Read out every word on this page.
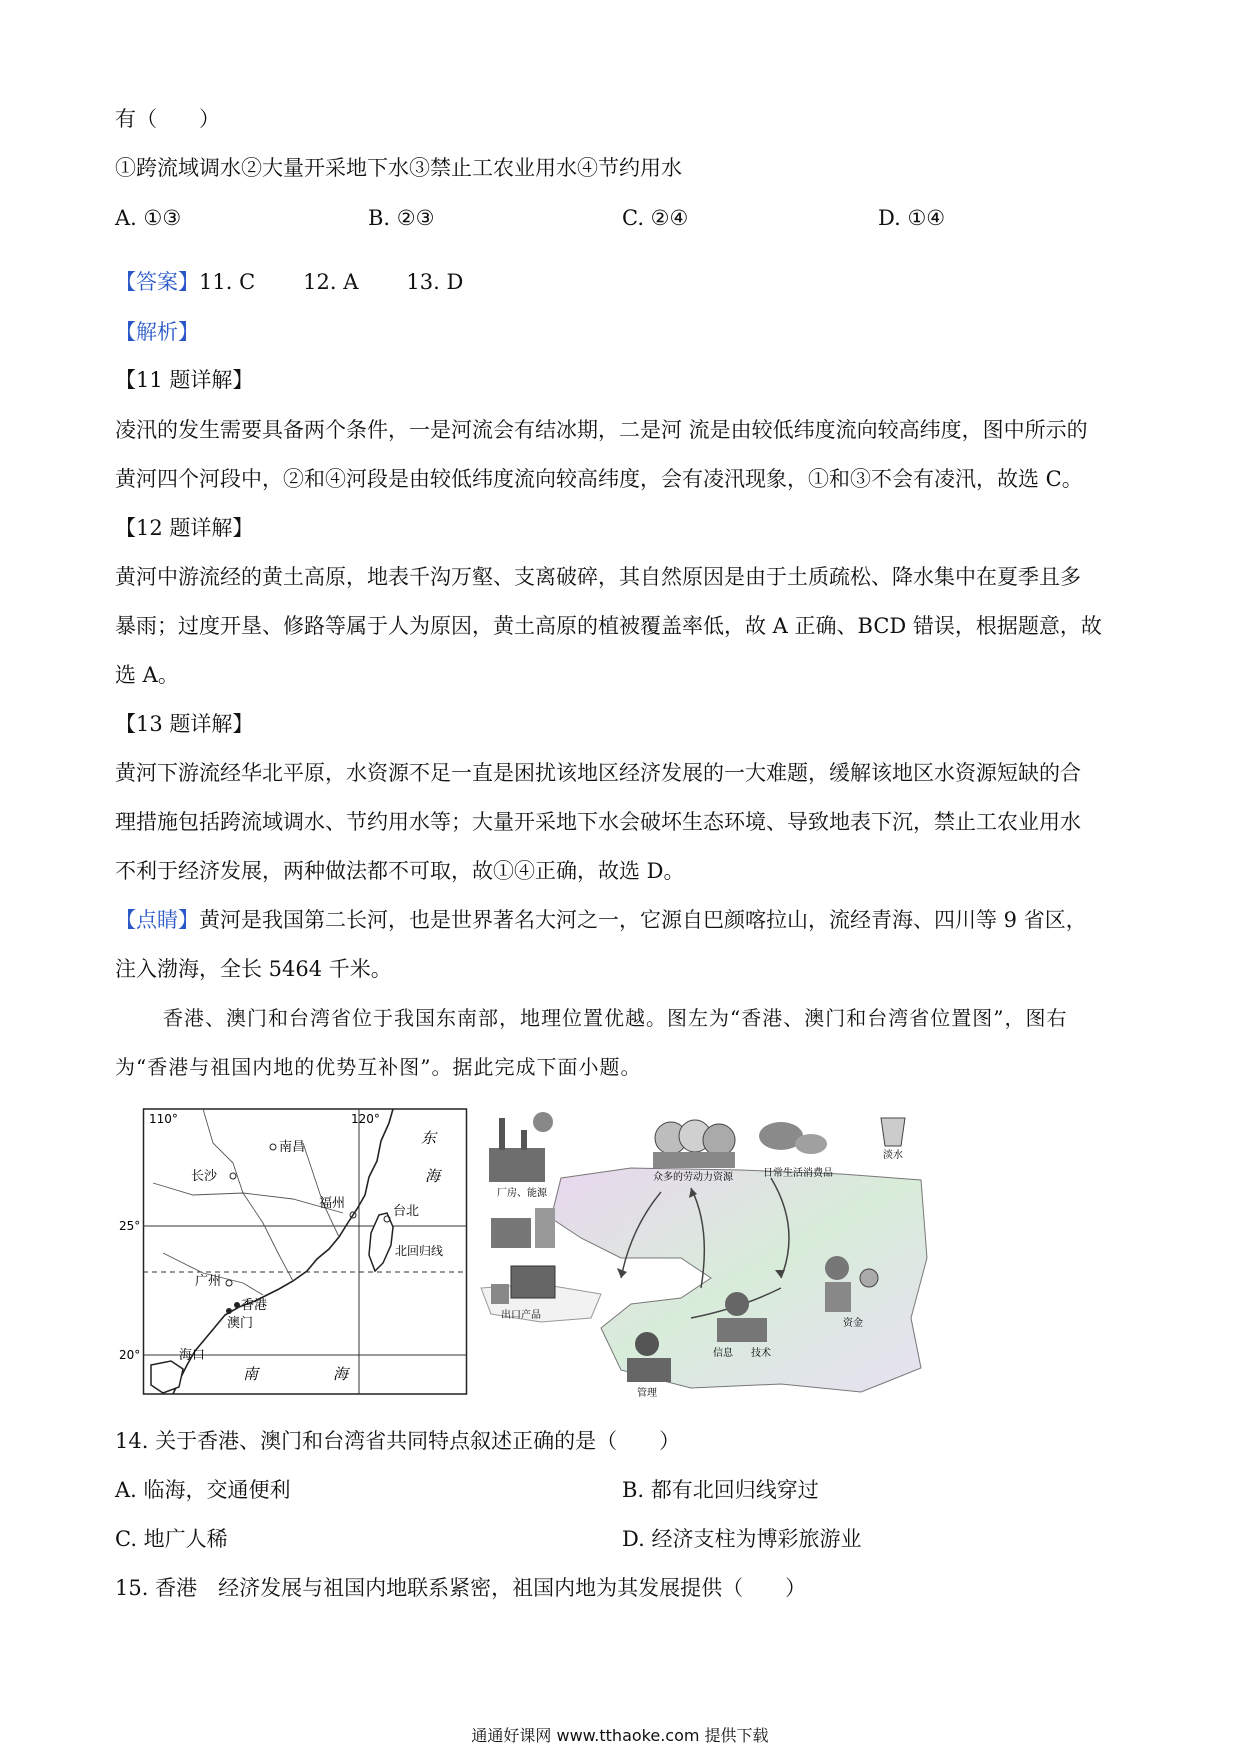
有（　　）
①跨流域调水②大量开采地下水③禁止工农业用水④节约用水
A. ①③	B. ②③	C. ②④	D. ①④
【答案】11. C 12. A 13. D
【解析】
【11 题详解】
凌汛的发生需要具备两个条件，一是河流会有结冰期，二是河 流是由较低纬度流向较高纬度，图中所示的
黄河四个河段中，②和④河段是由较低纬度流向较高纬度，会有凌汛现象，①和③不会有凌汛，故选 C。
【12 题详解】
黄河中游流经的黄土高原，地表千沟万壑、支离破碎，其自然原因是由于土质疏松、降水集中在夏季且多
暴雨；过度开垦、修路等属于人为原因，黄土高原的植被覆盖率低，故 A 正确、BCD 错误，根据题意，故
选 A。
【13 题详解】
黄河下游流经华北平原，水资源不足一直是困扰该地区经济发展的一大难题，缓解该地区水资源短缺的合
理措施包括跨流域调水、节约用水等；大量开采地下水会破坏生态环境、导致地表下沉，禁止工农业用水
不利于经济发展，两种做法都不可取，故①④正确，故选 D。
【点睛】黄河是我国第二长河，也是世界著名大河之一，它源自巴颜喀拉山，流经青海、四川等 9 省区，
注入渤海，全长 5464 千米。
香港、澳门和台湾省位于我国东南部，地理位置优越。图左为“香港、澳门和台湾省位置图”，图右
为“香港与祖国内地的优势互补图”。据此完成下面小题。
110°	120°
25°
20°
南昌
长沙
福州
台北
广州
香港
澳门
海口
东
海
南	海
北回归线
厂房、能源
众多的劳动力资源	日常生活消费品
淡水
出口产品
管理
信息 技术
资金
14. 关于香港、澳门和台湾省共同特点叙述正确的是（　　）
A. 临海，交通便利	B. 都有北回归线穿过
C. 地广人稀	D. 经济支柱为博彩旅游业
15. 香港　经济发展与祖国内地联系紧密，祖国内地为其发展提供（　　）
通通好课网 www.tthaoke.com 提供下载
